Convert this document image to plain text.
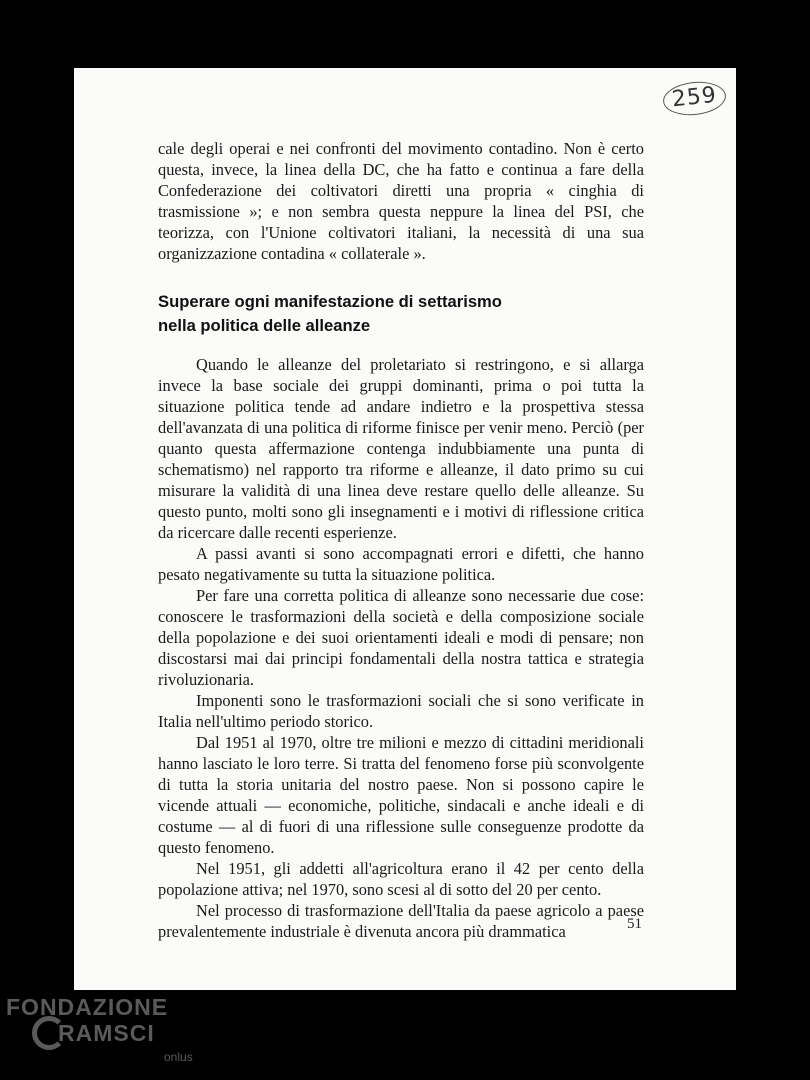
259

cale degli operai e nei confronti del movimento contadino. Non è certo questa, invece, la linea della DC, che ha fatto e continua a fare della Confederazione dei coltivatori diretti una propria « cinghia di trasmissione »; e non sembra questa neppure la linea del PSI, che teorizza, con l'Unione coltivatori italiani, la necessità di una sua organizzazione contadina « collaterale ».

Superare ogni manifestazione di settarismo
nella politica delle alleanze

Quando le alleanze del proletariato si restringono, e si allarga invece la base sociale dei gruppi dominanti, prima o poi tutta la situazione politica tende ad andare indietro e la prospettiva stessa dell'avanzata di una politica di riforme finisce per venir meno. Perciò (per quanto questa affermazione contenga indubbiamente una punta di schematismo) nel rapporto tra riforme e alleanze, il dato primo su cui misurare la validità di una linea deve restare quello delle alleanze. Su questo punto, molti sono gli insegnamenti e i motivi di riflessione critica da ricercare dalle recenti esperienze.

A passi avanti si sono accompagnati errori e difetti, che hanno pesato negativamente su tutta la situazione politica.

Per fare una corretta politica di alleanze sono necessarie due cose: conoscere le trasformazioni della società e della composizione sociale della popolazione e dei suoi orientamenti ideali e modi di pensare; non discostarsi mai dai principi fondamentali della nostra tattica e strategia rivoluzionaria.

Imponenti sono le trasformazioni sociali che si sono verificate in Italia nell'ultimo periodo storico.

Dal 1951 al 1970, oltre tre milioni e mezzo di cittadini meridionali hanno lasciato le loro terre. Si tratta del fenomeno forse più sconvolgente di tutta la storia unitaria del nostro paese. Non si possono capire le vicende attuali — economiche, politiche, sindacali e anche ideali e di costume — al di fuori di una riflessione sulle conseguenze prodotte da questo fenomeno.

Nel 1951, gli addetti all'agricoltura erano il 42 per cento della popolazione attiva; nel 1970, sono scesi al di sotto del 20 per cento.

Nel processo di trasformazione dell'Italia da paese agricolo a paese prevalentemente industriale è divenuta ancora più drammatica	51
FONDAZIONE
RAMSCI
onlus
